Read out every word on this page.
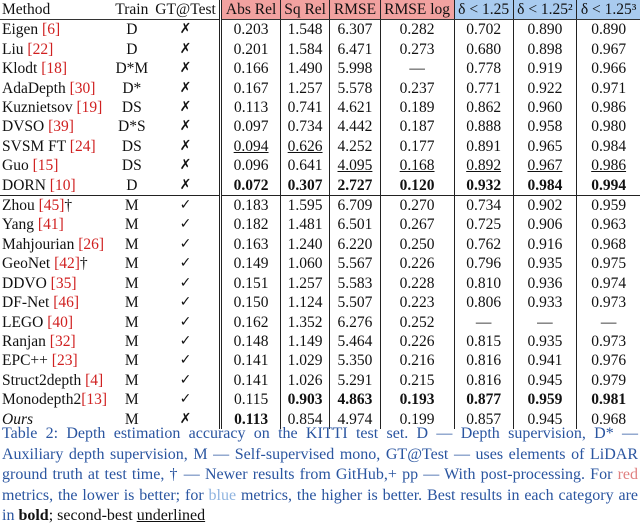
Method	Train	GT@Test	Abs Rel	Sq Rel	RMSE	RMSE log	δ < 1.25	δ < 1.25²	δ < 1.25³
Eigen [6]	D	✗	0.203	1.548	6.307	0.282	0.702	0.890	0.890
Liu [22]	D	✗	0.201	1.584	6.471	0.273	0.680	0.898	0.967
Klodt [18]	D*M	✗	0.166	1.490	5.998	—	0.778	0.919	0.966
AdaDepth [30]	D*	✗	0.167	1.257	5.578	0.237	0.771	0.922	0.971
Kuznietsov [19]	DS	✗	0.113	0.741	4.621	0.189	0.862	0.960	0.986
DVSO [39]	D*S	✗	0.097	0.734	4.442	0.187	0.888	0.958	0.980
SVSM FT [24]	DS	✗	0.094	0.626	4.252	0.177	0.891	0.965	0.984
Guo [15]	DS	✗	0.096	0.641	4.095	0.168	0.892	0.967	0.986
DORN [10]	D	✗	0.072	0.307	2.727	0.120	0.932	0.984	0.994
Zhou [45]†	M	✓	0.183	1.595	6.709	0.270	0.734	0.902	0.959
Yang [41]	M	✓	0.182	1.481	6.501	0.267	0.725	0.906	0.963
Mahjourian [26]	M	✓	0.163	1.240	6.220	0.250	0.762	0.916	0.968
GeoNet [42]†	M	✓	0.149	1.060	5.567	0.226	0.796	0.935	0.975
DDVO [35]	M	✓	0.151	1.257	5.583	0.228	0.810	0.936	0.974
DF-Net [46]	M	✓	0.150	1.124	5.507	0.223	0.806	0.933	0.973
LEGO [40]	M	✓	0.162	1.352	6.276	0.252	—	—	—
Ranjan [32]	M	✓	0.148	1.149	5.464	0.226	0.815	0.935	0.973
EPC++ [23]	M	✓	0.141	1.029	5.350	0.216	0.816	0.941	0.976
Struct2depth [4]	M	✓	0.141	1.026	5.291	0.215	0.816	0.945	0.979
Monodepth2[13]	M	✓	0.115	0.903	4.863	0.193	0.877	0.959	0.981
Ours	M	✗	0.113	0.854	4.974	0.199	0.857	0.945	0.968
Table 2: Depth estimation accuracy on the KITTI test set. D — Depth supervision, D* — Auxiliary depth supervision, M — Self-supervised mono, GT@Test — uses elements of LiDAR ground truth at test time, † — Newer results from GitHub,+ pp — With post-processing. For red metrics, the lower is better; for blue metrics, the higher is better. Best results in each category are in bold; second-best underlined
